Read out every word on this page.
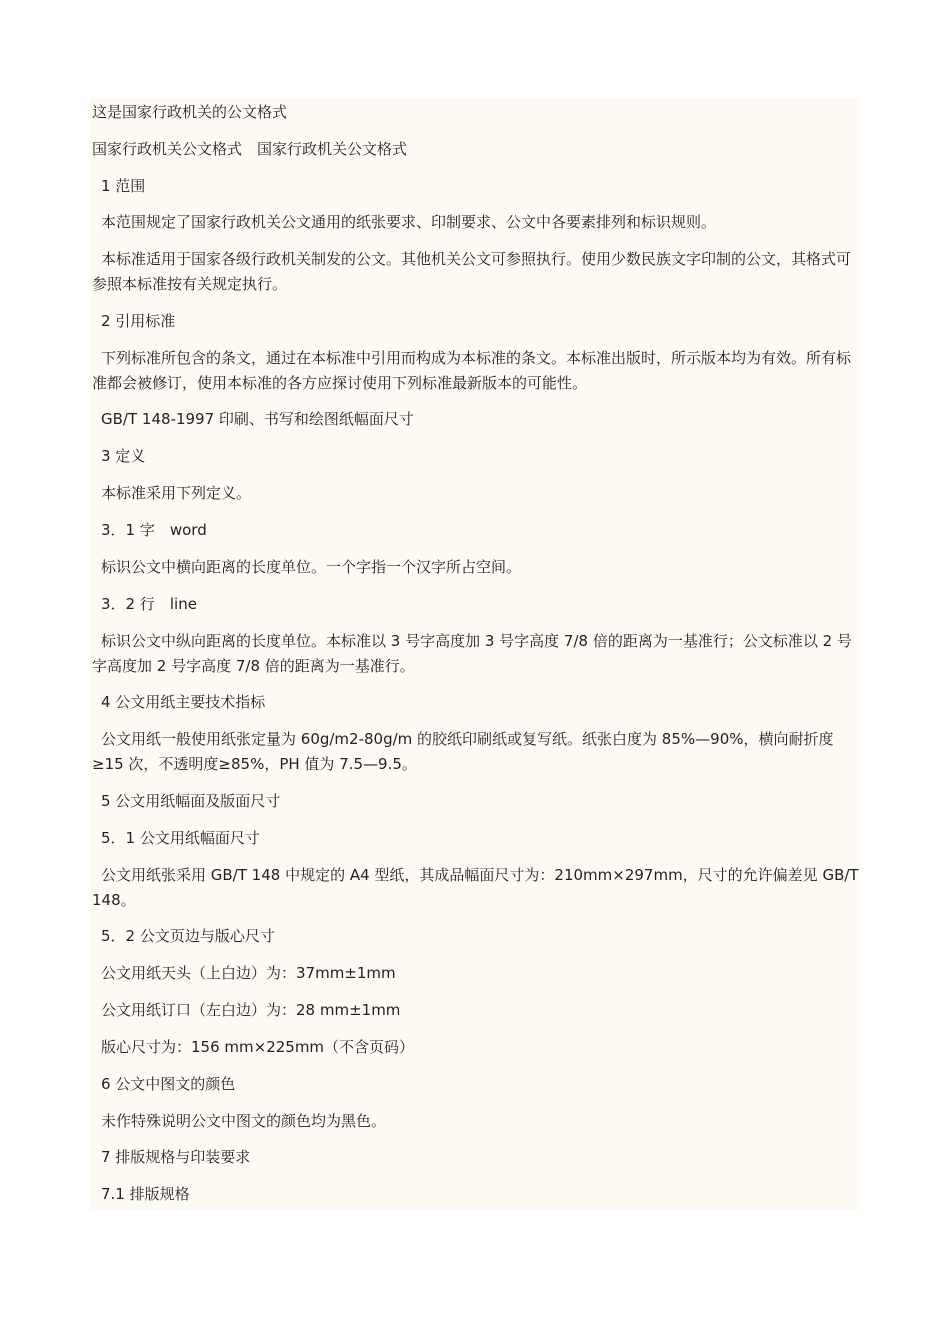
这是国家行政机关的公文格式

国家行政机关公文格式　国家行政机关公文格式

1 范围

本范围规定了国家行政机关公文通用的纸张要求、印制要求、公文中各要素排列和标识规则。

本标准适用于国家各级行政机关制发的公文。其他机关公文可参照执行。使用少数民族文字印制的公文，其格式可参照本标准按有关规定执行。

2 引用标准

下列标准所包含的条文，通过在本标准中引用而构成为本标准的条文。本标准出版时，所示版本均为有效。所有标准都会被修订，使用本标准的各方应探讨使用下列标准最新版本的可能性。

GB/T 148-1997 印刷、书写和绘图纸幅面尺寸

3 定义

本标准采用下列定义。

3．1 字　word

标识公文中横向距离的长度单位。一个字指一个汉字所占空间。

3．2 行　line

标识公文中纵向距离的长度单位。本标准以 3 号字高度加 3 号字高度 7/8 倍的距离为一基准行；公文标准以 2 号字高度加 2 号字高度 7/8 倍的距离为一基准行。

4 公文用纸主要技术指标

公文用纸一般使用纸张定量为 60g/m2-80g/m 的胶纸印刷纸或复写纸。纸张白度为 85%—90%，横向耐折度≥15 次，不透明度≥85%，PH 值为 7.5—9.5。

5 公文用纸幅面及版面尺寸

5．1 公文用纸幅面尺寸

公文用纸张采用 GB/T 148 中规定的 A4 型纸，其成品幅面尺寸为：210mm×297mm，尺寸的允许偏差见 GB/T 148。

5．2 公文页边与版心尺寸

公文用纸天头（上白边）为：37mm±1mm

公文用纸订口（左白边）为：28 mm±1mm

版心尺寸为：156 mm×225mm（不含页码）

6 公文中图文的颜色

未作特殊说明公文中图文的颜色均为黑色。

7 排版规格与印装要求

7.1 排版规格
